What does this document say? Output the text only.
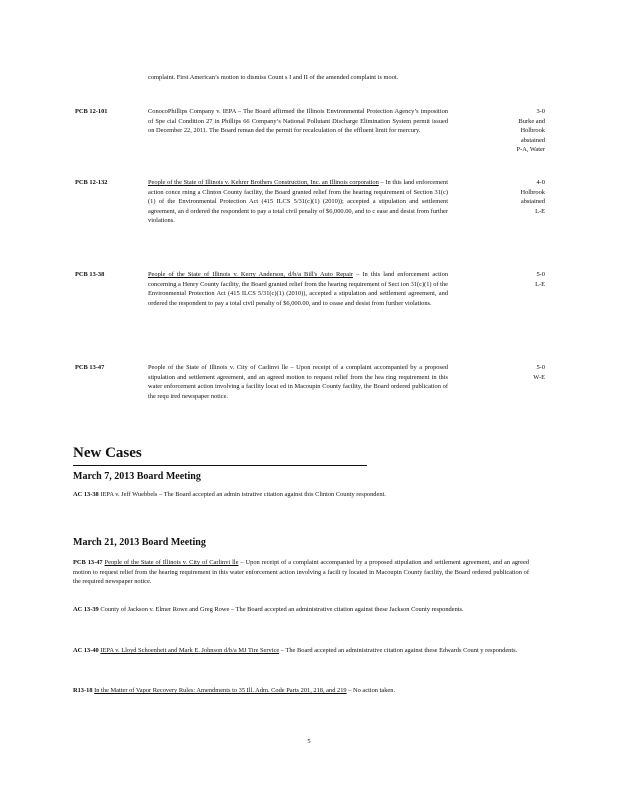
complaint. First American’s motion to dismiss Count s I and II of the amended complaint is moot.
PCB 12-101	ConocoPhillips Company v. IEPA – The Board affirmed the Illinois Environmental Protection Agency’s imposition of Spe cial Condition 27 in Phillips 66 Company’s National Pollutant Discharge Elimination System permit issued on December 22, 2011. The Board reman ded the permit for recalculation of the effluent limit for mercury.
3-0
Burke and
Holbrook
abstained
P-A, Water
PCB 12-132	People of the State of Illinois v. Kehrer Brothers Construction, Inc. an Illinois corporation – In this land enforcement action conce rning a Clinton County facility, the Board granted relief from the hearing requirement of Section 31(c)(1) of the Environmental Protection Act (415 ILCS 5/31(c)(1) (2010)); accepted a stipulation and settlement agreement, an d ordered the respondent to pay a total civil penalty of $6,000.00, and to c ease and desist from further violations.
4-0
Holbrook
abstained
L-E
PCB 13-38	People of the State of Illinois v. Kerry Anderson, d/b/a Bill's Auto Repair – In this land enforcement action concerning a Henry County facility, the Board granted relief from the hearing requirement of Sect ion 31(c)(1) of the Environmental Protection Act (415 ILCS 5/31(c)(1) (2010)), accepted a stipulation and settlement agreement, and ordered the respondent to pay a total civil penalty of $6,000.00, and to cease and desist from further violations.
5-0
L-E
PCB 13-47	People of the State of Illinois v. City of Carlinvi lle – Upon receipt of a complaint accompanied by a proposed stipulation and settlement agreement, and an agreed motion to request relief from the hea ring requirement in this water enforcement action involving a facility locat ed in Macoupin County facility, the Board ordered publication of the requ ired newspaper notice.
5-0
W-E
New Cases
March 7, 2013 Board Meeting
AC 13-38 IEPA v. Jeff Wuebbels – The Board accepted an admin istrative citation against this Clinton County respondent.
March 21, 2013 Board Meeting
PCB 13-47 People of the State of Illinois v. City of Carlinvi lle – Upon receipt of a complaint accompanied by a proposed stipulation and settlement agreement, and an agreed motion to request relief from the hearing requirement in this water enforcement action involving a facili ty located in Macoupin County facility, the Board ordered publication of the required newspaper notice.
AC 13-39 County of Jackson v. Elmer Rowe and Greg Rowe – The Board accepted an administrative citation against these Jackson County respondents.
AC 13-40 IEPA v. Lloyd Schoenheit and Mark E. Johnson d/b/a MJ Tire Service – The Board accepted an administrative citation against these Edwards Count y respondents.
R13-18 In the Matter of Vapor Recovery Rules: Amendments to 35 Ill. Adm. Code Parts 201, 218, and 219 – No action taken.
5
